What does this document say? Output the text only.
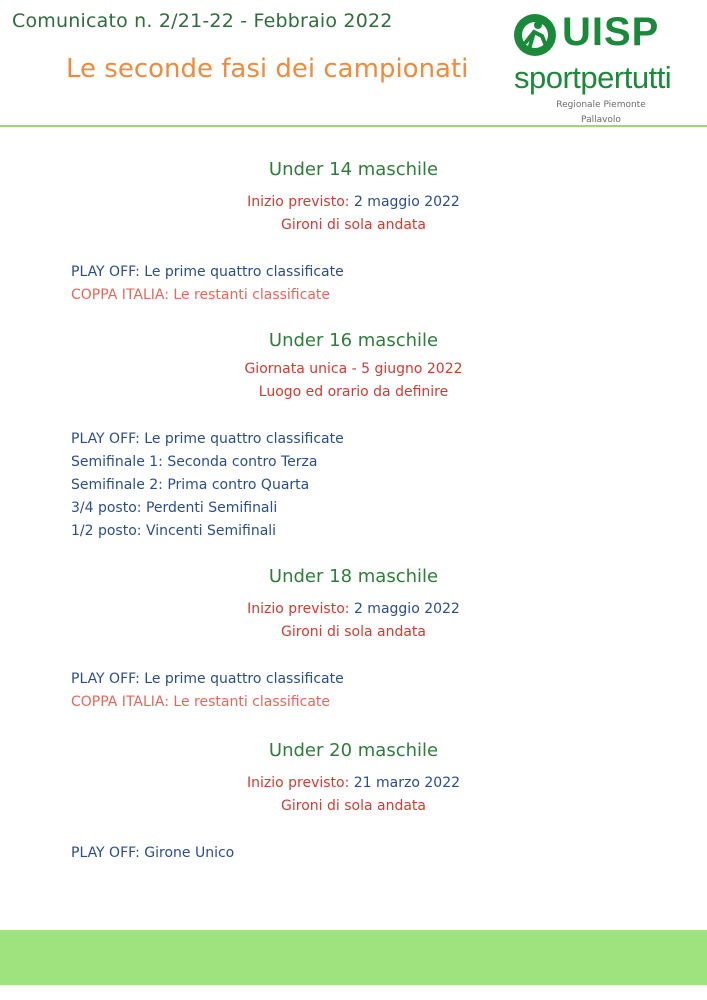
Comunicato n. 2/21-22 - Febbraio 2022
Le seconde fasi dei campionati
UISP
sportpertutti
Regionale Piemonte
Pallavolo
Under 14 maschile
Inizio previsto: 2 maggio 2022
Gironi di sola andata
PLAY OFF: Le prime quattro classificate
COPPA ITALIA: Le restanti classificate
Under 16 maschile
Giornata unica - 5 giugno 2022
Luogo ed orario da definire
PLAY OFF: Le prime quattro classificate
Semifinale 1: Seconda contro Terza
Semifinale 2: Prima contro Quarta
3/4 posto: Perdenti Semifinali
1/2 posto: Vincenti Semifinali
Under 18 maschile
Inizio previsto: 2 maggio 2022
Gironi di sola andata
PLAY OFF: Le prime quattro classificate
COPPA ITALIA: Le restanti classificate
Under 20 maschile
Inizio previsto: 21 marzo 2022
Gironi di sola andata
PLAY OFF: Girone Unico
